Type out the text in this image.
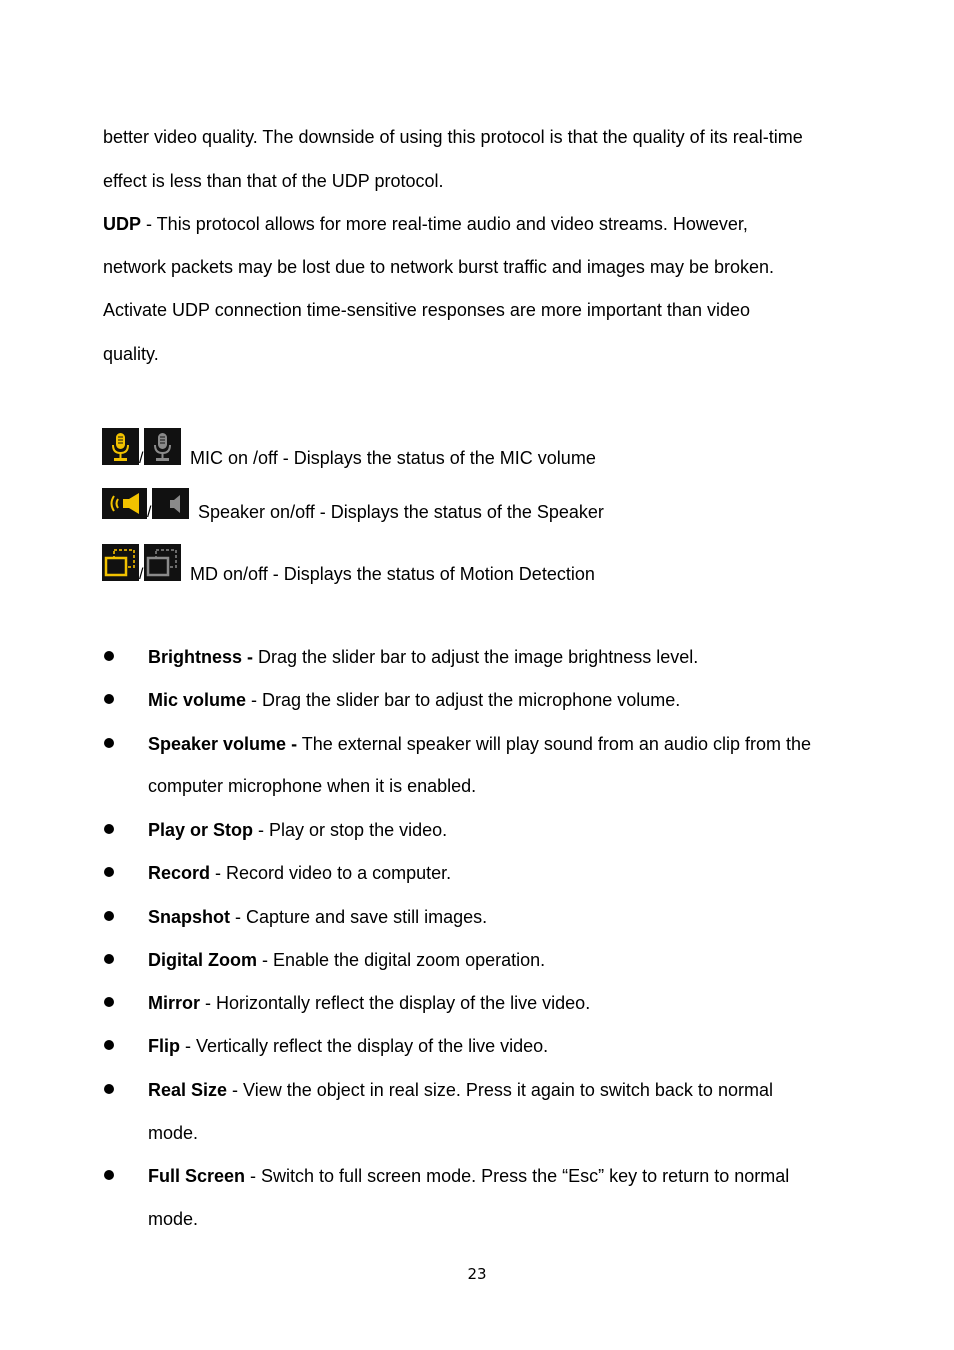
better video quality. The downside of using this protocol is that the quality of its real-time
effect is less than that of the UDP protocol.
UDP - This protocol allows for more real-time audio and video streams. However,
network packets may be lost due to network burst traffic and images may be broken.
Activate UDP connection time-sensitive responses are more important than video
quality.
/	MIC on /off - Displays the status of the MIC volume
/	Speaker on/off - Displays the status of the Speaker
/	MD on/off - Displays the status of Motion Detection
Brightness - Drag the slider bar to adjust the image brightness level.
Mic volume - Drag the slider bar to adjust the microphone volume.
Speaker volume - The external speaker will play sound from an audio clip from the
computer microphone when it is enabled.
Play or Stop - Play or stop the video.
Record - Record video to a computer.
Snapshot - Capture and save still images.
Digital Zoom - Enable the digital zoom operation.
Mirror - Horizontally reflect the display of the live video.
Flip - Vertically reflect the display of the live video.
Real Size - View the object in real size. Press it again to switch back to normal
mode.
Full Screen - Switch to full screen mode. Press the “Esc” key to return to normal
mode.
23
